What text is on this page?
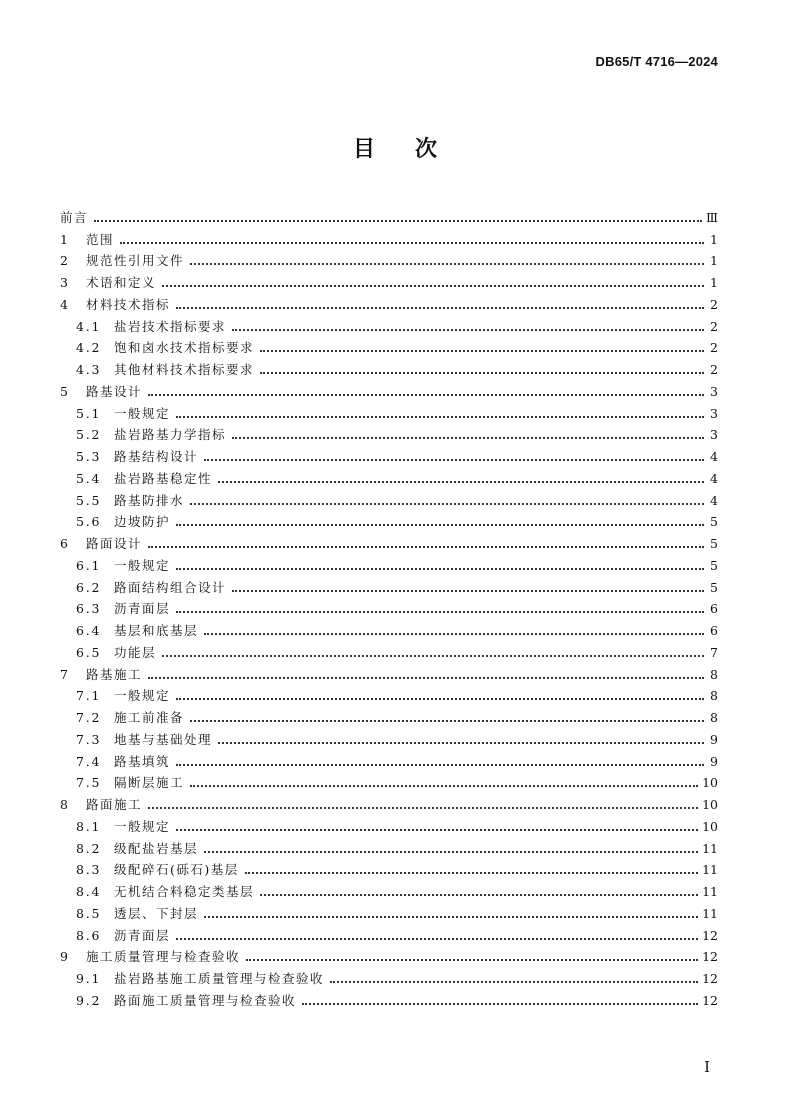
DB65/T 4716—2024
目 次
前言	Ⅲ
1	范围	1
2	规范性引用文件	1
3	术语和定义	1
4	材料技术指标	2
4.1	盐岩技术指标要求	2
4.2	饱和卤水技术指标要求	2
4.3	其他材料技术指标要求	2
5	路基设计	3
5.1	一般规定	3
5.2	盐岩路基力学指标	3
5.3	路基结构设计	4
5.4	盐岩路基稳定性	4
5.5	路基防排水	4
5.6	边坡防护	5
6	路面设计	5
6.1	一般规定	5
6.2	路面结构组合设计	5
6.3	沥青面层	6
6.4	基层和底基层	6
6.5	功能层	7
7	路基施工	8
7.1	一般规定	8
7.2	施工前准备	8
7.3	地基与基础处理	9
7.4	路基填筑	9
7.5	隔断层施工	10
8	路面施工	10
8.1	一般规定	10
8.2	级配盐岩基层	11
8.3	级配碎石(砾石)基层	11
8.4	无机结合料稳定类基层	11
8.5	透层、下封层	11
8.6	沥青面层	12
9	施工质量管理与检查验收	12
9.1	盐岩路基施工质量管理与检查验收	12
9.2	路面施工质量管理与检查验收	12
I
